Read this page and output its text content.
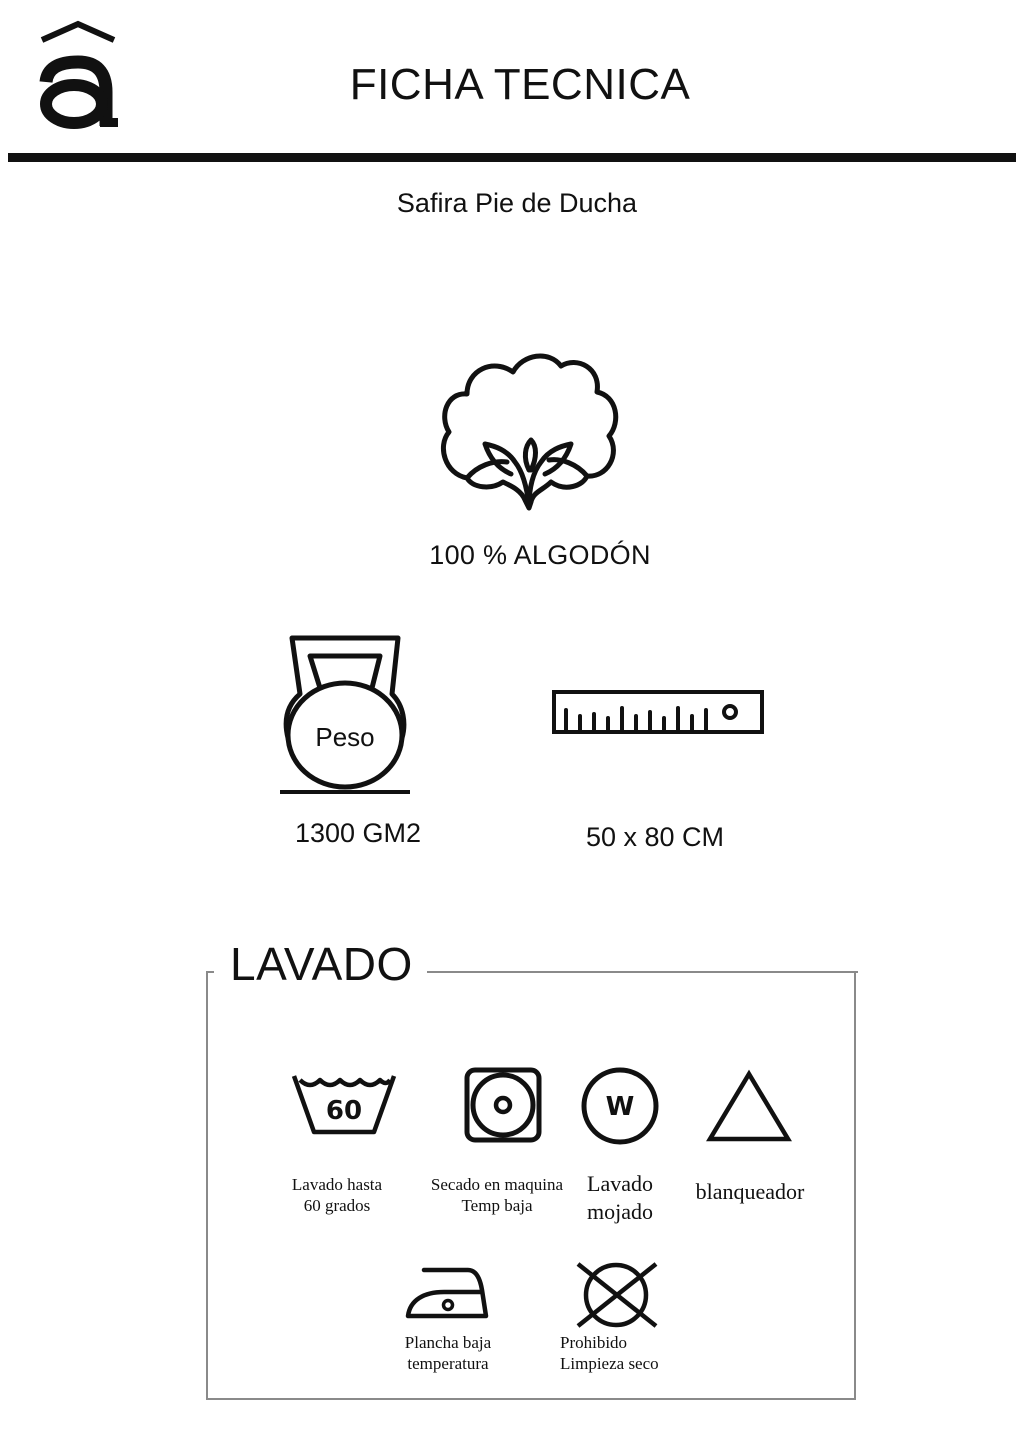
FICHA TECNICA
Safira Pie de Ducha
100 % ALGODÓN
Peso
1300 GM2	50 x 80 CM
LAVADO
60
Lavado hasta
60 grados
Secado en maquina
Temp baja
W
Lavado
mojado
blanqueador
Plancha baja
temperatura
Prohibido
Limpieza seco
